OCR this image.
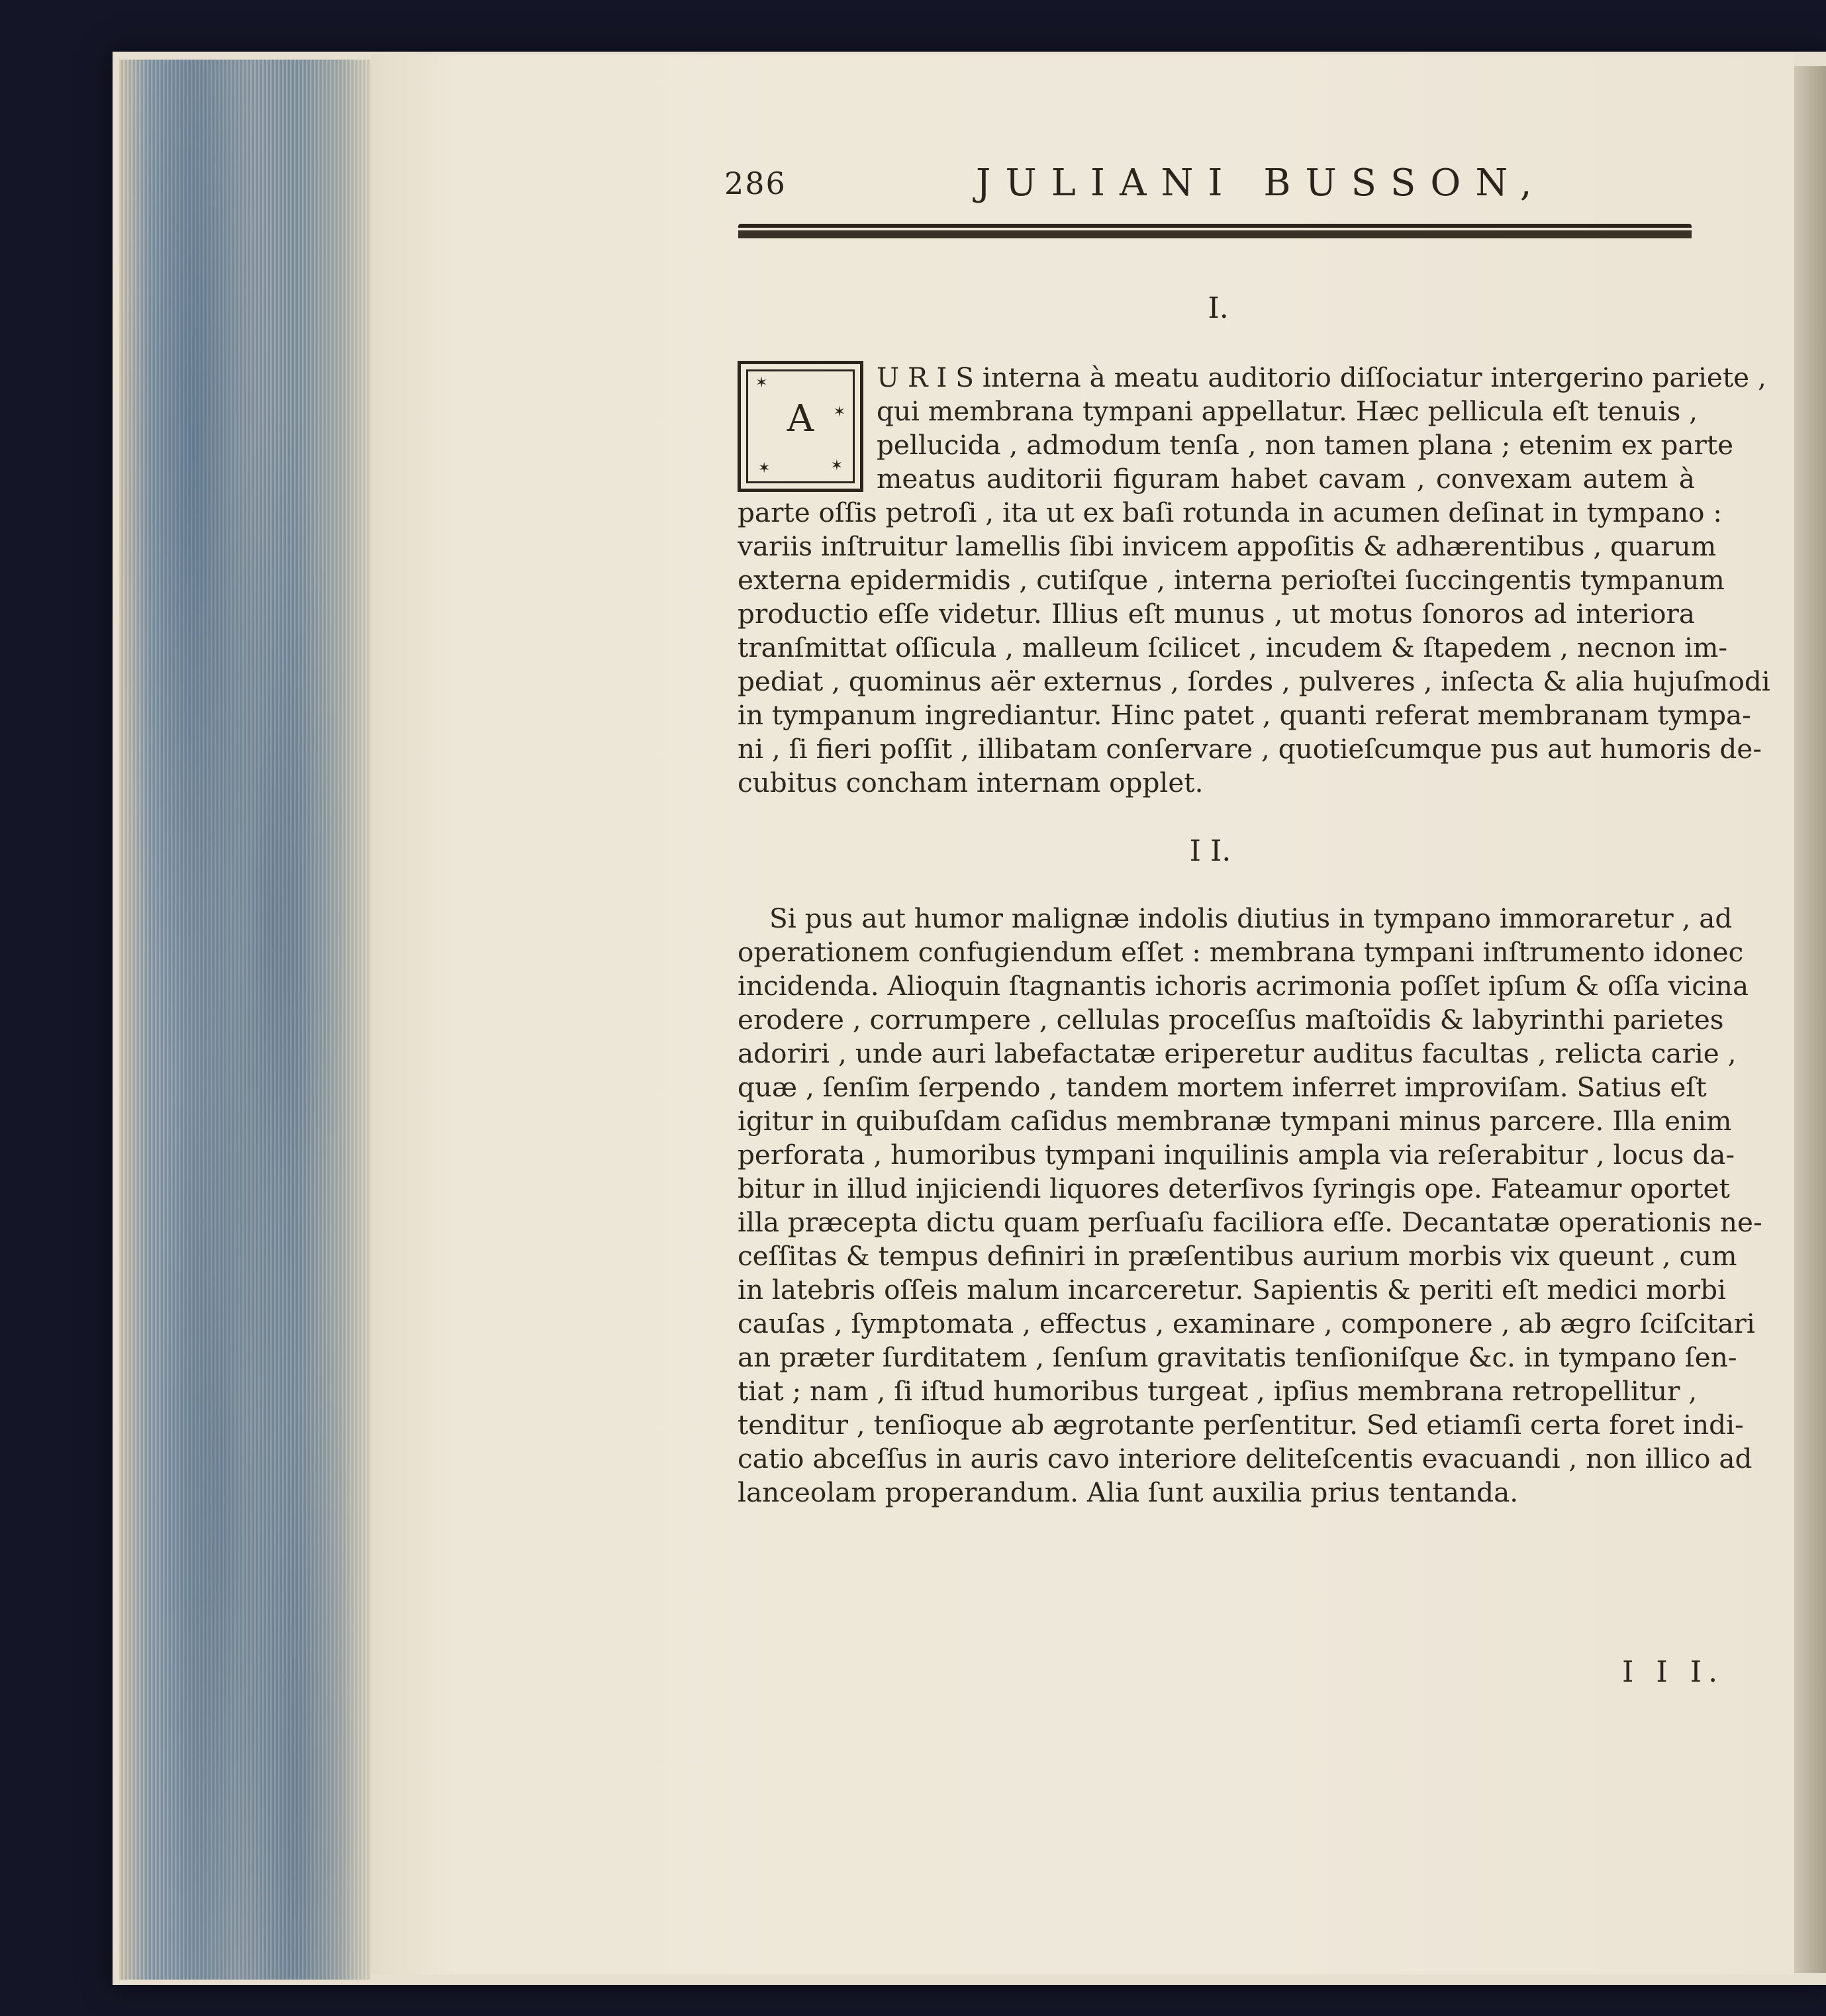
286	JULIANI BUSSON,
I.
✶
✶
✶	✶
A
U R I S interna à meatu auditorio diſſociatur intergerino pariete ,
qui membrana tympani appellatur. Hæc pellicula eſt tenuis ,
pellucida , admodum tenſa , non tamen plana ; etenim ex parte
meatus auditorii figuram habet cavam , convexam autem à
parte oſſis petroſi , ita ut ex baſi rotunda in acumen deſinat in tympano :
variis inſtruitur lamellis ſibi invicem appoſitis & adhærentibus , quarum
externa epidermidis , cutiſque , interna perioſtei ſuccingentis tympanum
productio eſſe videtur. Illius eſt munus , ut motus ſonoros ad interiora
tranſmittat oſſicula , malleum ſcilicet , incudem & ſtapedem , necnon im-
pediat , quominus aër externus , ſordes , pulveres , inſecta & alia hujuſmodi
in tympanum ingrediantur. Hinc patet , quanti referat membranam tympa-
ni , ſi fieri poſſit , illibatam conſervare , quotieſcumque pus aut humoris de-
cubitus concham internam opplet.
I I.
Si pus aut humor malignæ indolis diutius in tympano immoraretur , ad
operationem confugiendum eſſet : membrana tympani inſtrumento idonec
incidenda. Alioquin ſtagnantis ichoris acrimonia poſſet ipſum & oſſa vicina
erodere , corrumpere , cellulas proceſſus maſtoïdis & labyrinthi parietes
adoriri , unde auri labefactatæ eriperetur auditus facultas , relicta carie ,
quæ , ſenſim ſerpendo , tandem mortem inferret improviſam. Satius eſt
igitur in quibuſdam caſidus membranæ tympani minus parcere. Illa enim
perforata , humoribus tympani inquilinis ampla via reſerabitur , locus da-
bitur in illud injiciendi liquores deterſivos ſyringis ope. Fateamur oportet
illa præcepta dictu quam perſuaſu faciliora eſſe. Decantatæ operationis ne-
ceſſitas & tempus definiri in præſentibus aurium morbis vix queunt , cum
in latebris oſſeis malum incarceretur. Sapientis & periti eſt medici morbi
cauſas , ſymptomata , effectus , examinare , componere , ab ægro ſciſcitari
an præter ſurditatem , ſenſum gravitatis tenſioniſque &c. in tympano ſen-
tiat ; nam , ſi iſtud humoribus turgeat , ipſius membrana retropellitur ,
tenditur , tenſioque ab ægrotante perſentitur. Sed etiamſi certa foret indi-
catio abceſſus in auris cavo interiore deliteſcentis evacuandi , non illico ad
lanceolam properandum. Alia ſunt auxilia prius tentanda.
I I I.
